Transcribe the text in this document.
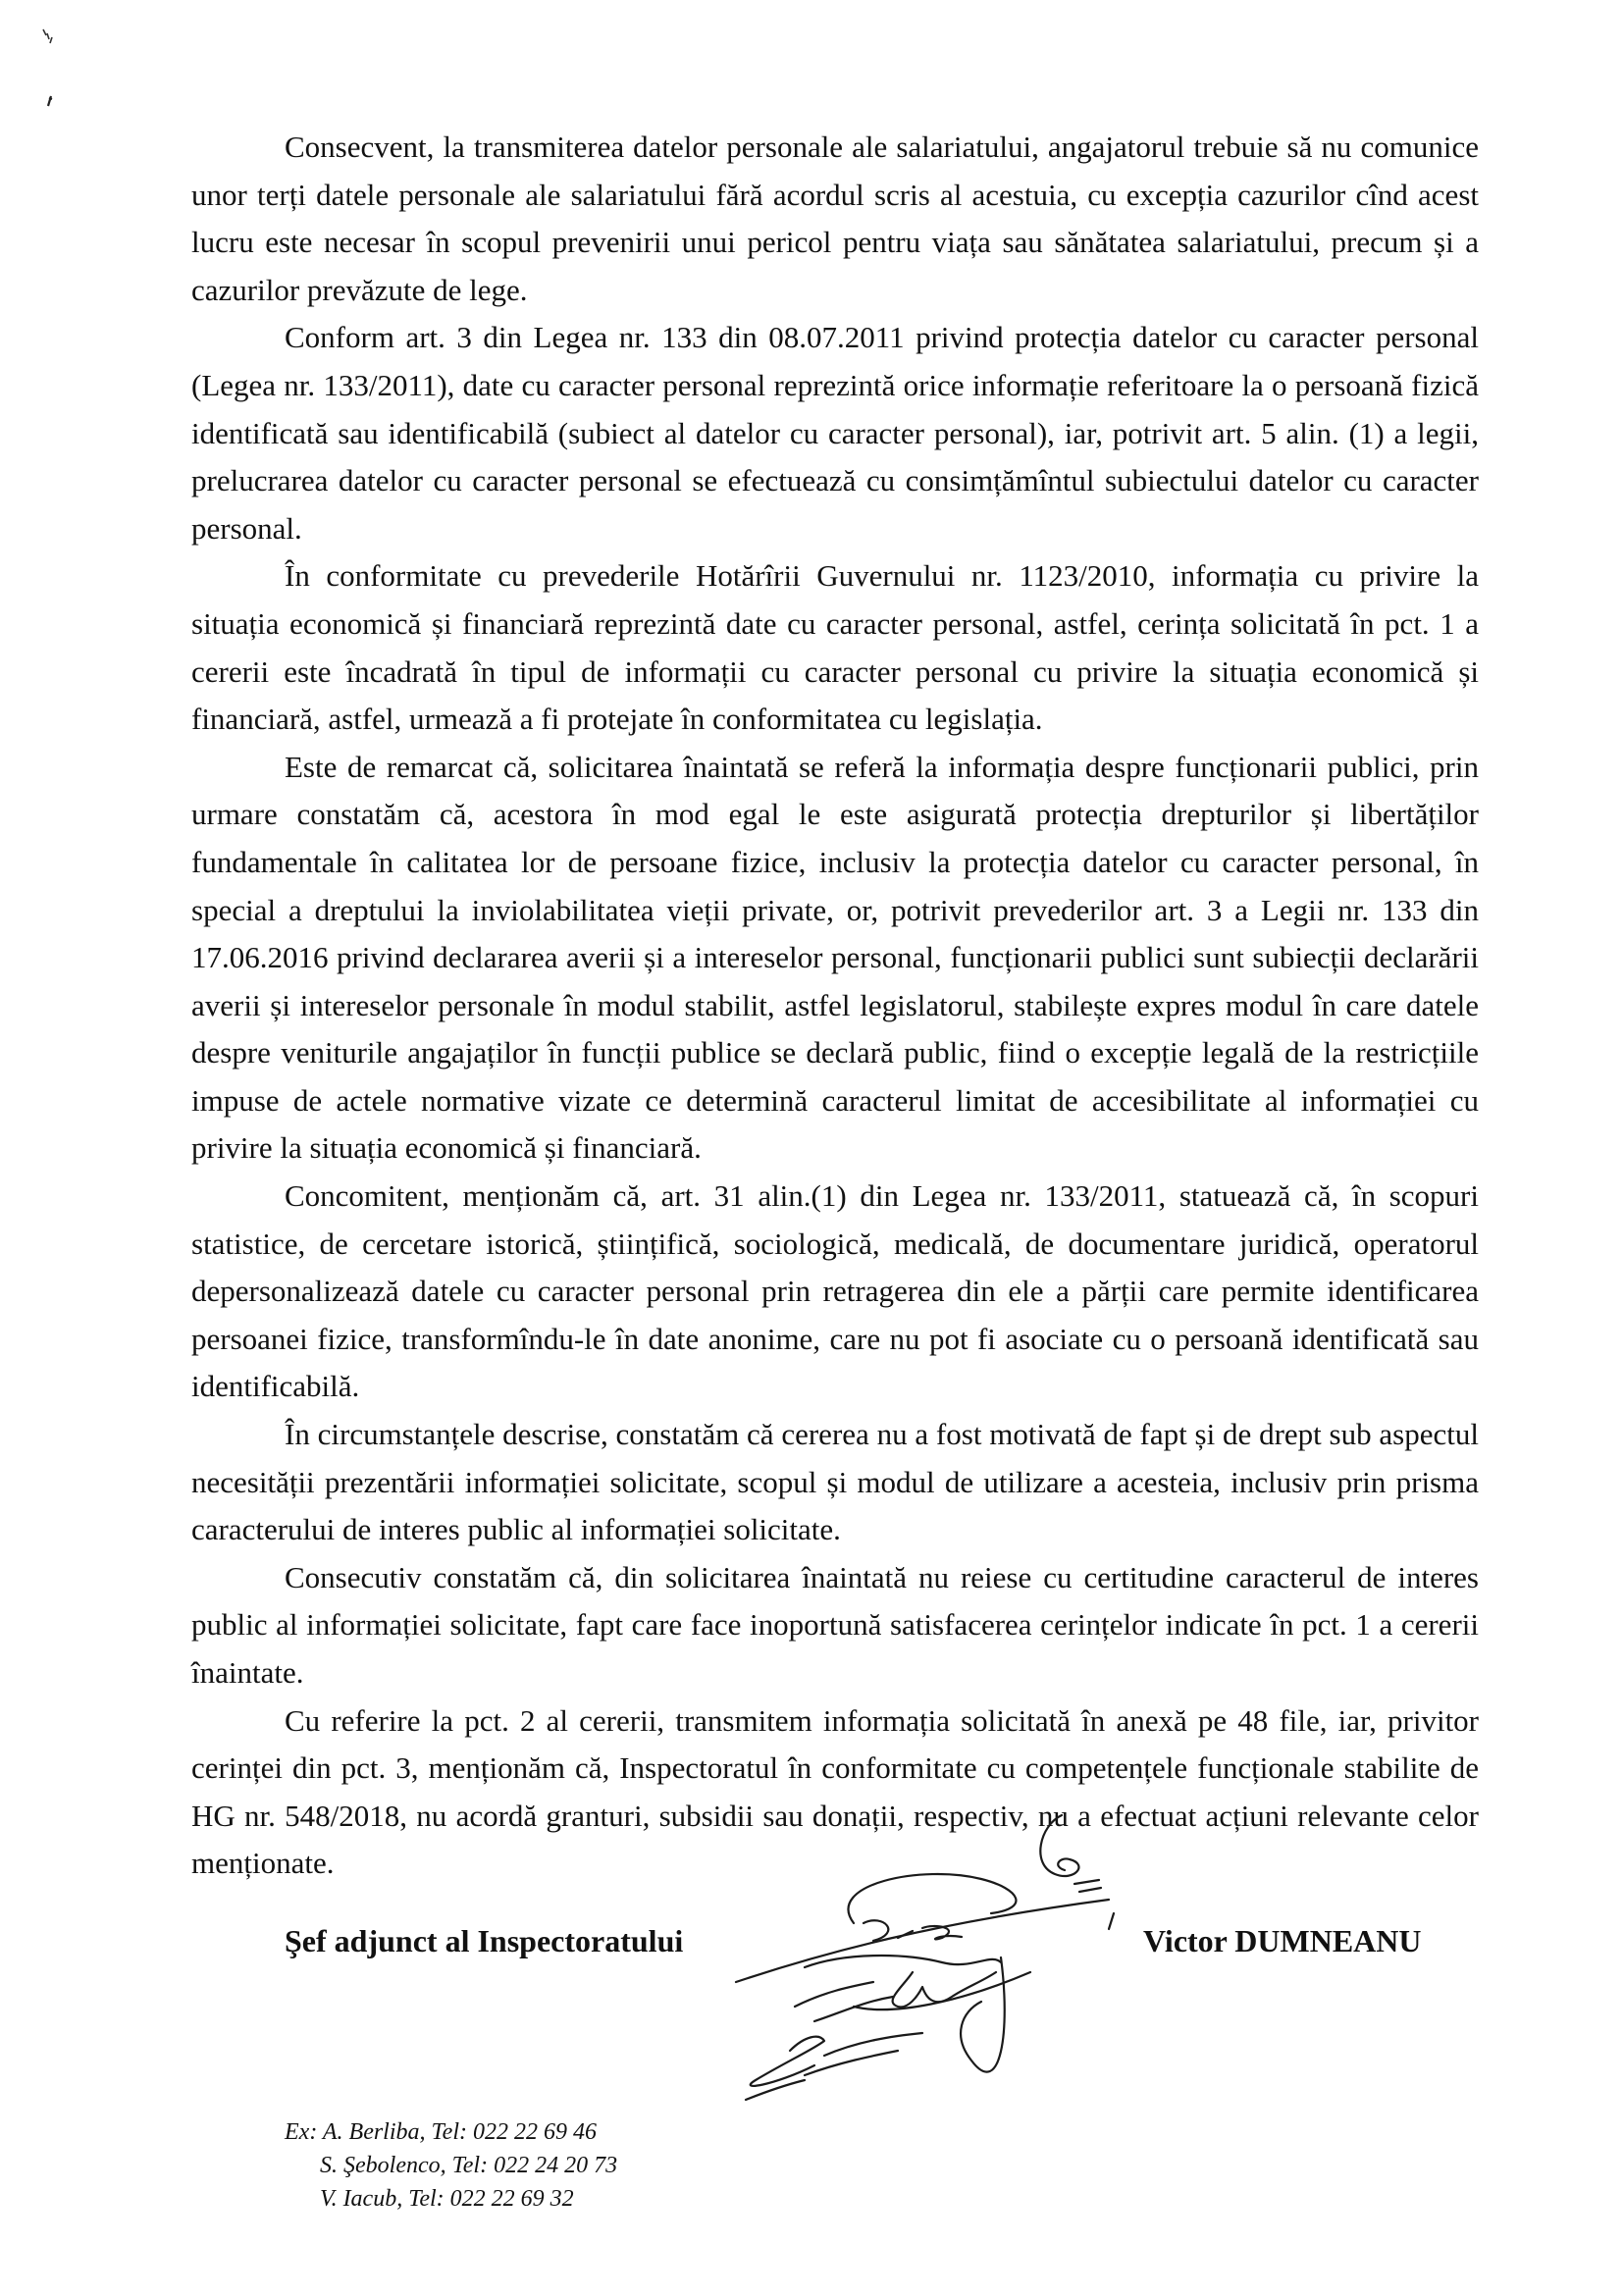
Consecvent, la transmiterea datelor personale ale salariatului, angajatorul trebuie să nu comunice unor terți datele personale ale salariatului fără acordul scris al acestuia, cu excepția cazurilor cînd acest lucru este necesar în scopul prevenirii unui pericol pentru viața sau sănătatea salariatului, precum și a cazurilor prevăzute de lege.

Conform art. 3 din Legea nr. 133 din 08.07.2011 privind protecția datelor cu caracter personal (Legea nr. 133/2011), date cu caracter personal reprezintă orice informație referitoare la o persoană fizică identificată sau identificabilă (subiect al datelor cu caracter personal), iar, potrivit art. 5 alin. (1) a legii, prelucrarea datelor cu caracter personal se efectuează cu consimțămîntul subiectului datelor cu caracter personal.

În conformitate cu prevederile Hotărîrii Guvernului nr. 1123/2010, informația cu privire la situația economică și financiară reprezintă date cu caracter personal, astfel, cerința solicitată în pct. 1 a cererii este încadrată în tipul de informații cu caracter personal cu privire la situația economică și financiară, astfel, urmează a fi protejate în conformitatea cu legislația.

Este de remarcat că, solicitarea înaintată se referă la informația despre funcționarii publici, prin urmare constatăm că, acestora în mod egal le este asigurată protecția drepturilor și libertăților fundamentale în calitatea lor de persoane fizice, inclusiv la protecția datelor cu caracter personal, în special a dreptului la inviolabilitatea vieții private, or, potrivit prevederilor art. 3 a Legii nr. 133 din 17.06.2016 privind declararea averii și a intereselor personal, funcționarii publici sunt subiecții declarării averii și intereselor personale în modul stabilit, astfel legislatorul, stabilește expres modul în care datele despre veniturile angajaților în funcții publice se declară public, fiind o excepție legală de la restricțiile impuse de actele normative vizate ce determină caracterul limitat de accesibilitate al informației cu privire la situația economică și financiară.

Concomitent, menționăm că, art. 31 alin.(1) din Legea nr. 133/2011, statuează că, în scopuri statistice, de cercetare istorică, științifică, sociologică, medicală, de documentare juridică, operatorul depersonalizează datele cu caracter personal prin retragerea din ele a părții care permite identificarea persoanei fizice, transformîndu-le în date anonime, care nu pot fi asociate cu o persoană identificată sau identificabilă.

În circumstanțele descrise, constatăm că cererea nu a fost motivată de fapt și de drept sub aspectul necesității prezentării informației solicitate, scopul și modul de utilizare a acesteia, inclusiv prin prisma caracterului de interes public al informației solicitate.

Consecutiv constatăm că, din solicitarea înaintată nu reiese cu certitudine caracterul de interes public al informației solicitate, fapt care face inoportună satisfacerea cerințelor indicate în pct. 1 a cererii înaintate.

Cu referire la pct. 2 al cererii, transmitem informația solicitată în anexă pe 48 file, iar, privitor cerinței din pct. 3, menționăm că, Inspectoratul în conformitate cu competențele funcționale stabilite de HG nr. 548/2018, nu acordă granturi, subsidii sau donații, respectiv, nu a efectuat acțiuni relevante celor menționate.

Şef adjunct al Inspectoratului	Victor DUMNEANU
Ex: A. Berliba, Tel: 022 22 69 46
S. Şebolenco, Tel: 022 24 20 73
V. Iacub, Tel: 022 22 69 32
